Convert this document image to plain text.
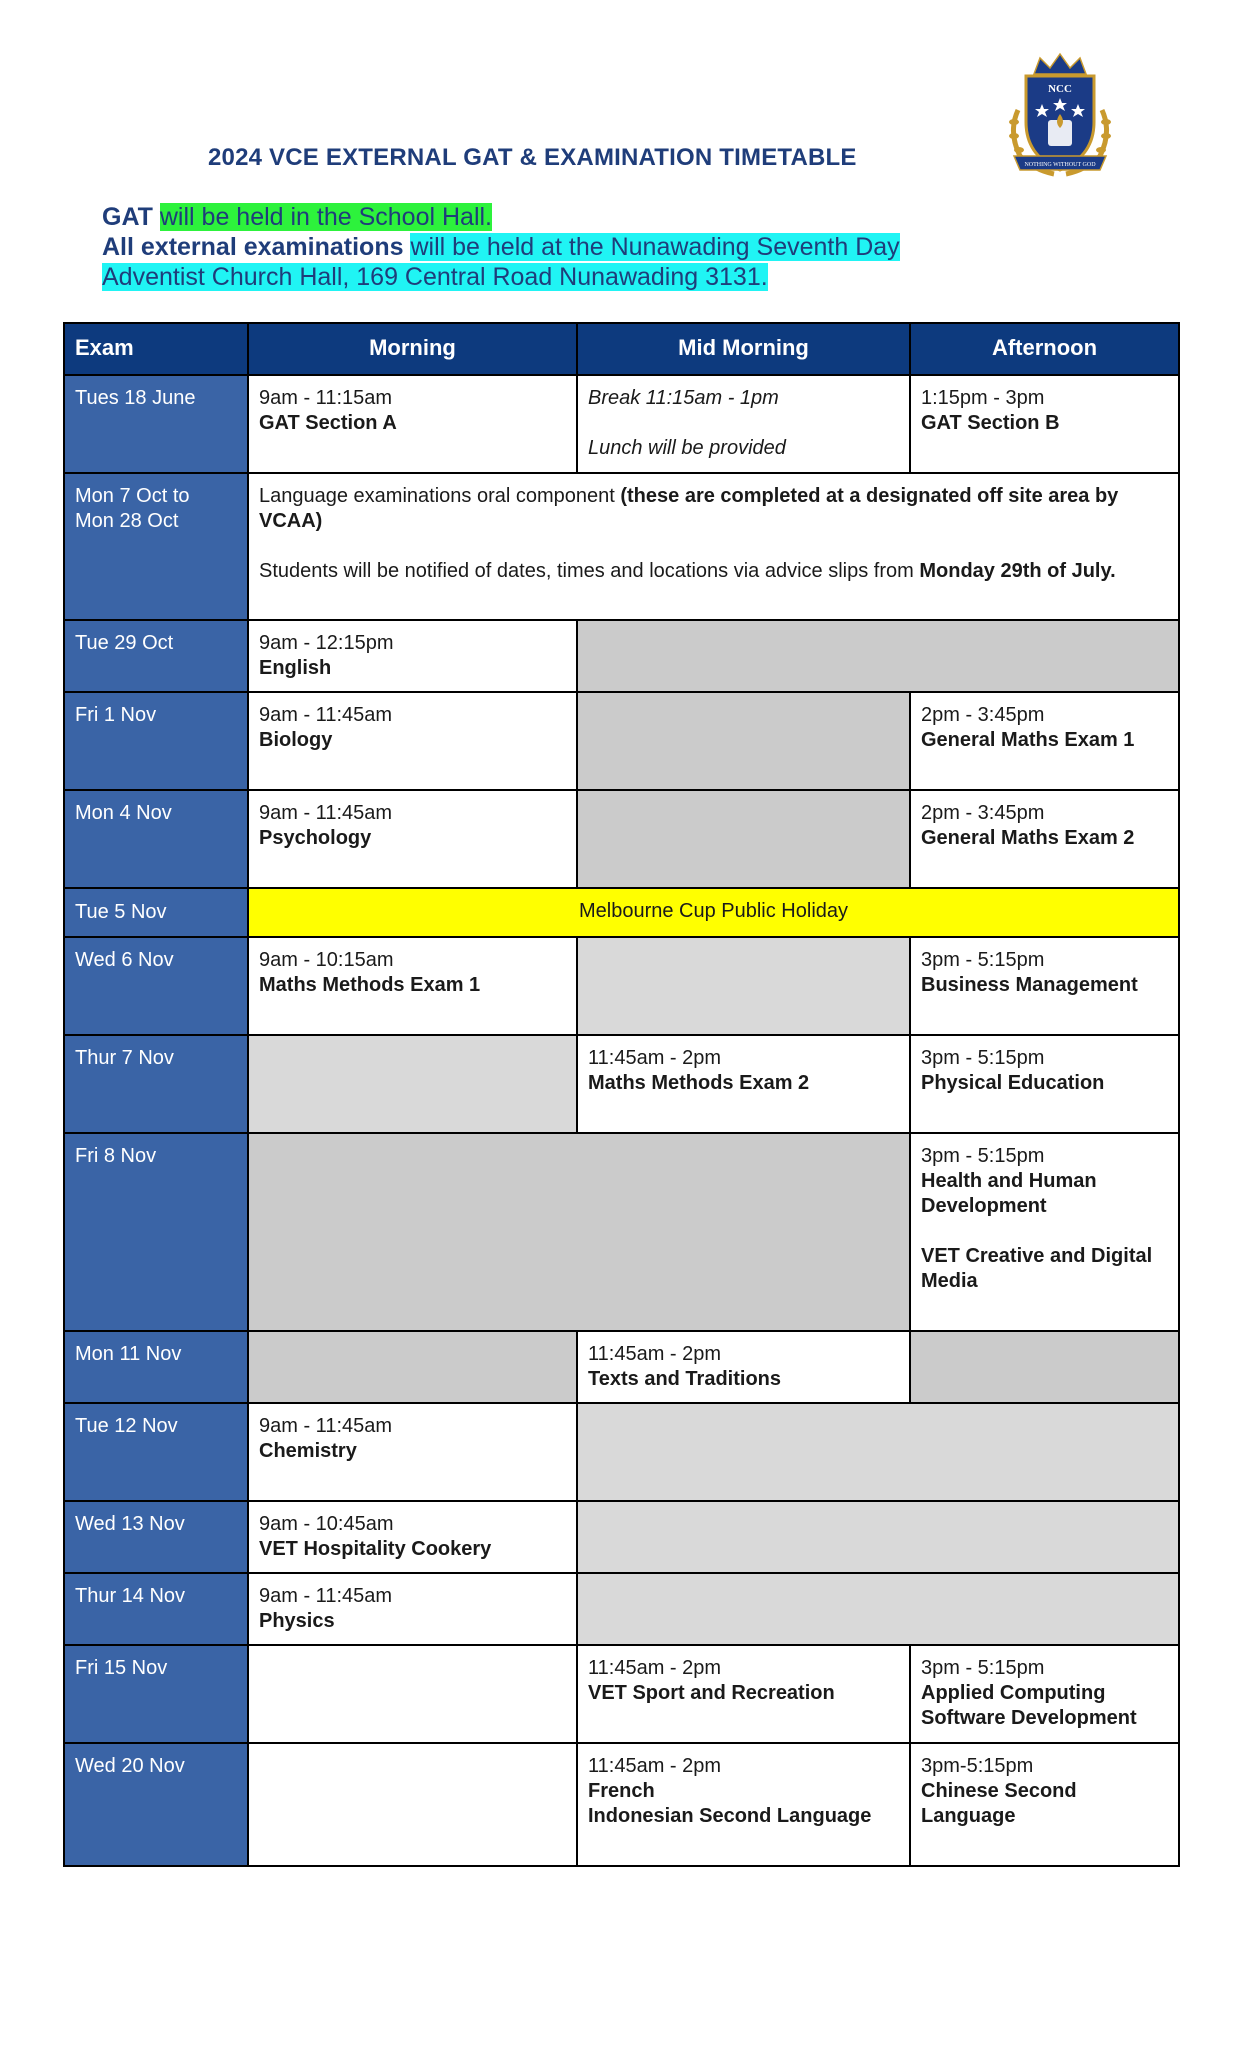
2024 VCE EXTERNAL GAT & EXAMINATION TIMETABLE
NCC
NOTHING WITHOUT GOD
GAT will be held in the School Hall.
All external examinations will be held at the Nunawading Seventh Day
Adventist Church Hall, 169 Central Road Nunawading 3131.
Exam	Morning	Mid Morning	Afternoon
Tues 18 June	9am - 11:15am
GAT Section A	Break 11:15am - 1pm
Lunch will be provided	1:15pm - 3pm
GAT Section B

Mon 7 Oct to
Mon 28 Oct	Language examinations oral component (these are completed at a designated off site area by VCAA)
Students will be notified of dates, times and locations via advice slips from Monday 29th of July.		

Tue 29 Oct	9am - 12:15pm
English		

Fri 1 Nov	9am - 11:45am
Biology		2pm - 3:45pm
General Maths Exam 1

Mon 4 Nov	9am - 11:45am
Psychology		2pm - 3:45pm
General Maths Exam 2

Tue 5 Nov	Melbourne Cup Public Holiday		
Wed 6 Nov	9am - 10:15am
Maths Methods Exam 1		3pm - 5:15pm
Business Management

Thur 7 Nov		11:45am - 2pm
Maths Methods Exam 2	3pm - 5:15pm
Physical Education

Fri 8 Nov			3pm - 5:15pm
Health and Human Development
VET Creative and Digital Media

Mon 11 Nov		11:45am - 2pm
Texts and Traditions	

Tue 12 Nov	9am - 11:45am
Chemistry		

Wed 13 Nov	9am - 10:45am
VET Hospitality Cookery		

Thur 14 Nov	9am - 11:45am
Physics		

Fri 15 Nov		11:45am - 2pm
VET Sport and Recreation	3pm - 5:15pm
Applied Computing Software Development

Wed 20 Nov		11:45am - 2pm
French
Indonesian Second Language	3pm-5:15pm
Chinese Second Language
